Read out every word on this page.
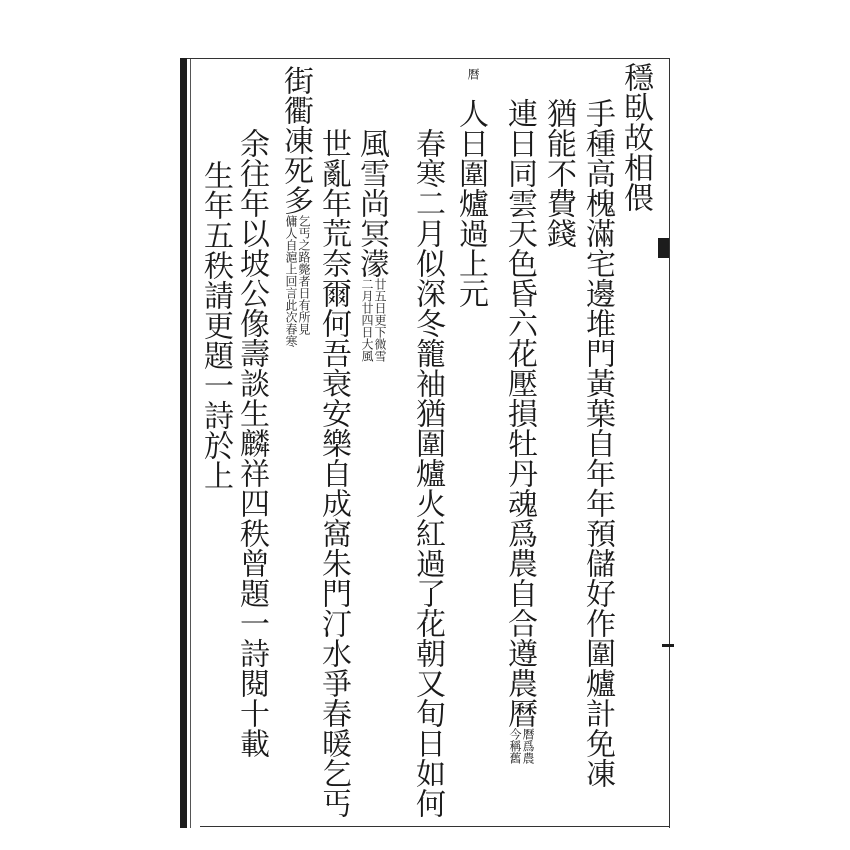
穩臥故相偎
手種高槐滿宅邊堆門黃葉自年年預儲好作圍爐計免凍
猶能不費錢
連日同雲天色昏六花壓損牡丹魂爲農自合遵農曆今稱舊曆爲農
曆
人日圍爐過上元
春寒二月似深冬籠袖猶圍爐火紅過了花朝又旬日如何
風雪尚冥濛二月廿四日大風廿五日更下微雪
世亂年荒奈爾何吾衰安樂自成窩朱門汀水爭春暖乞丐
街衢凍死多傭人自滬上回言此次春寒乞丐之路斃者日有所見
余往年以坡公像壽談生麟祥四秩曾題一詩閱十載
生年五秩請更題一詩於上
